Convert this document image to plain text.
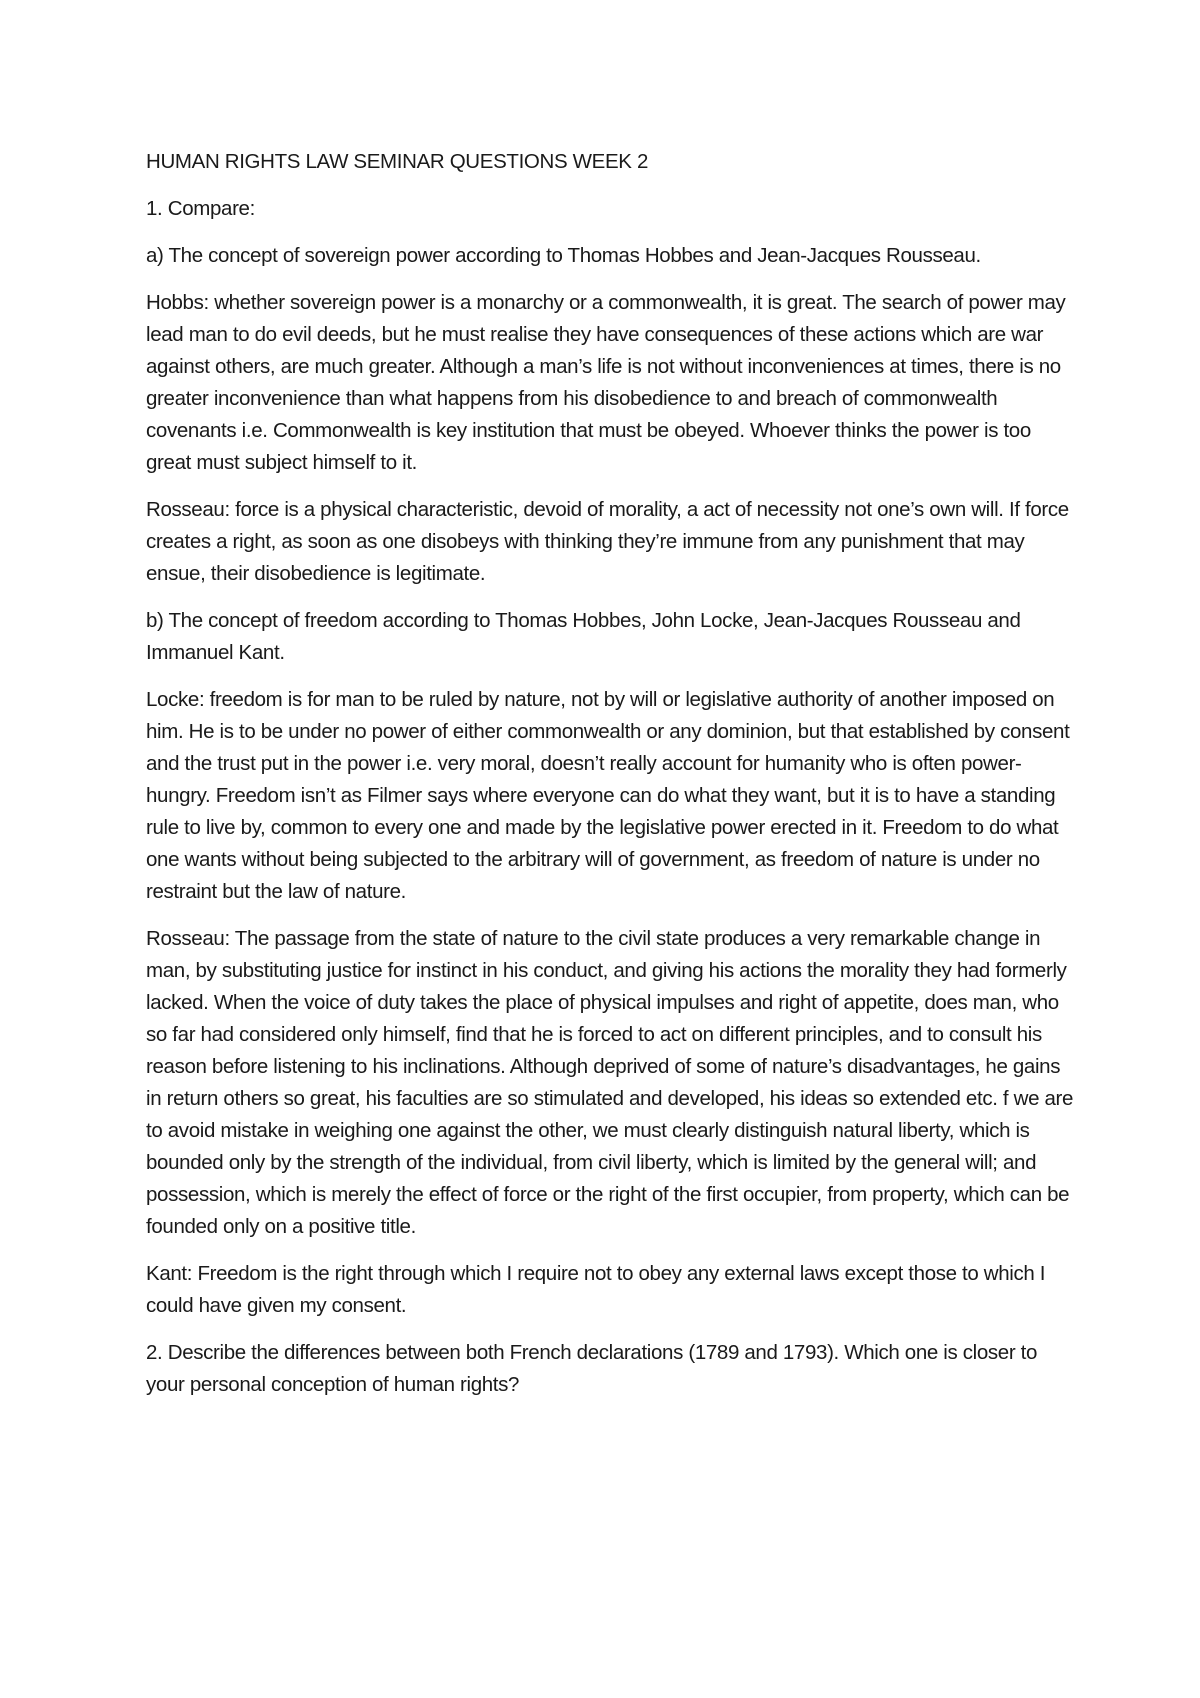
HUMAN RIGHTS LAW SEMINAR QUESTIONS WEEK 2

1. Compare:

a) The concept of sovereign power according to Thomas Hobbes and Jean-Jacques Rousseau.

Hobbs: whether sovereign power is a monarchy or a commonwealth, it is great. The search of power may lead man to do evil deeds, but he must realise they have consequences of these actions which are war against others, are much greater. Although a man’s life is not without inconveniences at times, there is no greater inconvenience than what happens from his disobedience to and breach of commonwealth covenants i.e. Commonwealth is key institution that must be obeyed. Whoever thinks the power is too great must subject himself to it.

Rosseau: force is a physical characteristic, devoid of morality, a act of necessity not one’s own will. If force creates a right, as soon as one disobeys with thinking they’re immune from any punishment that may ensue, their disobedience is legitimate.

b) The concept of freedom according to Thomas Hobbes, John Locke, Jean-Jacques Rousseau and Immanuel Kant.

Locke: freedom is for man to be ruled by nature, not by will or legislative authority of another imposed on him. He is to be under no power of either commonwealth or any dominion, but that established by consent and the trust put in the power i.e. very moral, doesn’t really account for humanity who is often power-hungry. Freedom isn’t as Filmer says where everyone can do what they want, but it is to have a standing rule to live by, common to every one and made by the legislative power erected in it. Freedom to do what one wants without being subjected to the arbitrary will of government, as freedom of nature is under no restraint but the law of nature.

Rosseau: The passage from the state of nature to the civil state produces a very remarkable change in man, by substituting justice for instinct in his conduct, and giving his actions the morality they had formerly lacked. When the voice of duty takes the place of physical impulses and right of appetite, does man, who so far had considered only himself, find that he is forced to act on different principles, and to consult his reason before listening to his inclinations. Although deprived of some of nature’s disadvantages, he gains in return others so great, his faculties are so stimulated and developed, his ideas so extended etc. f we are to avoid mistake in weighing one against the other, we must clearly distinguish natural liberty, which is bounded only by the strength of the individual, from civil liberty, which is limited by the general will; and possession, which is merely the effect of force or the right of the first occupier, from property, which can be founded only on a positive title.

Kant: Freedom is the right through which I require not to obey any external laws except those to which I could have given my consent.

2. Describe the differences between both French declarations (1789 and 1793). Which one is closer to your personal conception of human rights?
